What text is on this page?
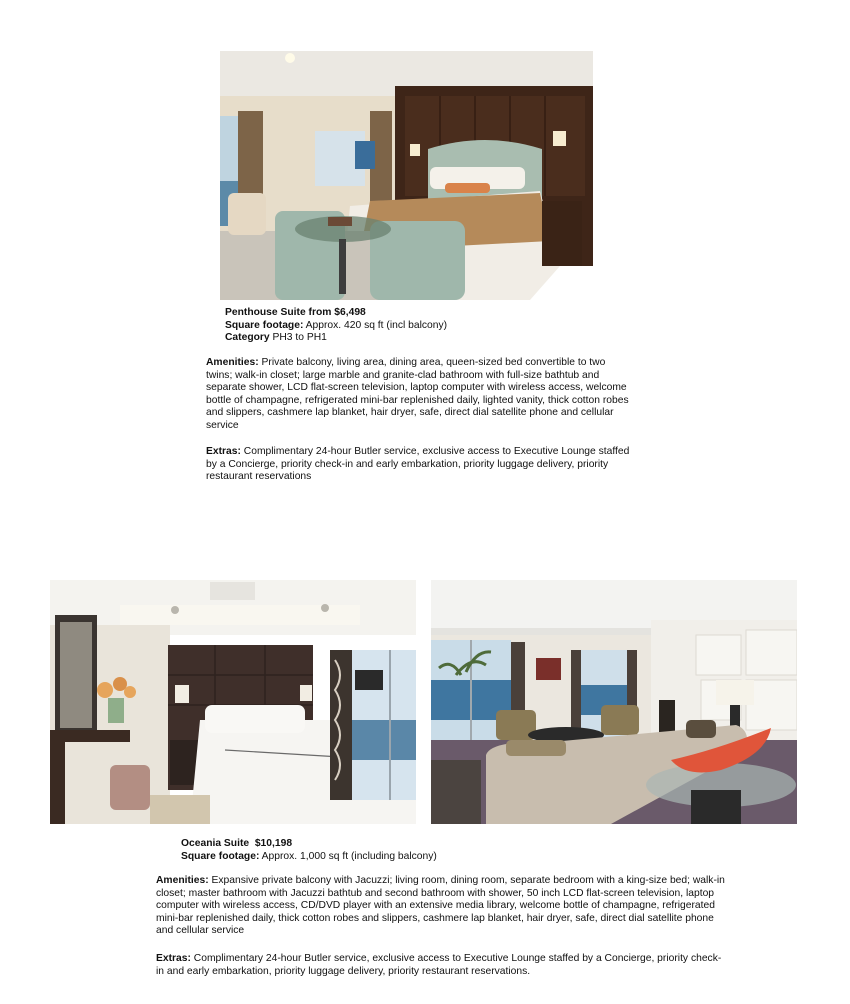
Penthouse Suite from $6,498

Square footage: Approx. 420 sq ft (incl balcony)

Category PH3 to PH1

Amenities: Private balcony, living area, dining area, queen-sized bed convertible to two twins; walk-in closet; large marble and granite-clad bathroom with full-size bathtub and separate shower, LCD flat-screen television, laptop computer with wireless access, welcome bottle of champagne, refrigerated mini-bar replenished daily, lighted vanity, thick cotton robes and slippers, cashmere lap blanket, hair dryer, safe, direct dial satellite phone and cellular service

Extras: Complimentary 24-hour Butler service, exclusive access to Executive Lounge staffed by a Concierge, priority check-in and early embarkation, priority luggage delivery, priority restaurant reservations

Oceania Suite  $10,198

Square footage: Approx. 1,000 sq ft (including balcony)

Amenities: Expansive private balcony with Jacuzzi; living room, dining room, separate bedroom with a king-size bed; walk-in closet; master bathroom with Jacuzzi bathtub and second bathroom with shower, 50 inch LCD flat-screen television, laptop computer with wireless access, CD/DVD player with an extensive media library, welcome bottle of champagne, refrigerated mini-bar replenished daily, thick cotton robes and slippers, cashmere lap blanket, hair dryer, safe, direct dial satellite phone and cellular service

Extras: Complimentary 24-hour Butler service, exclusive access to Executive Lounge staffed by a Concierge, priority check-in and early embarkation, priority luggage delivery, priority restaurant reservations.
